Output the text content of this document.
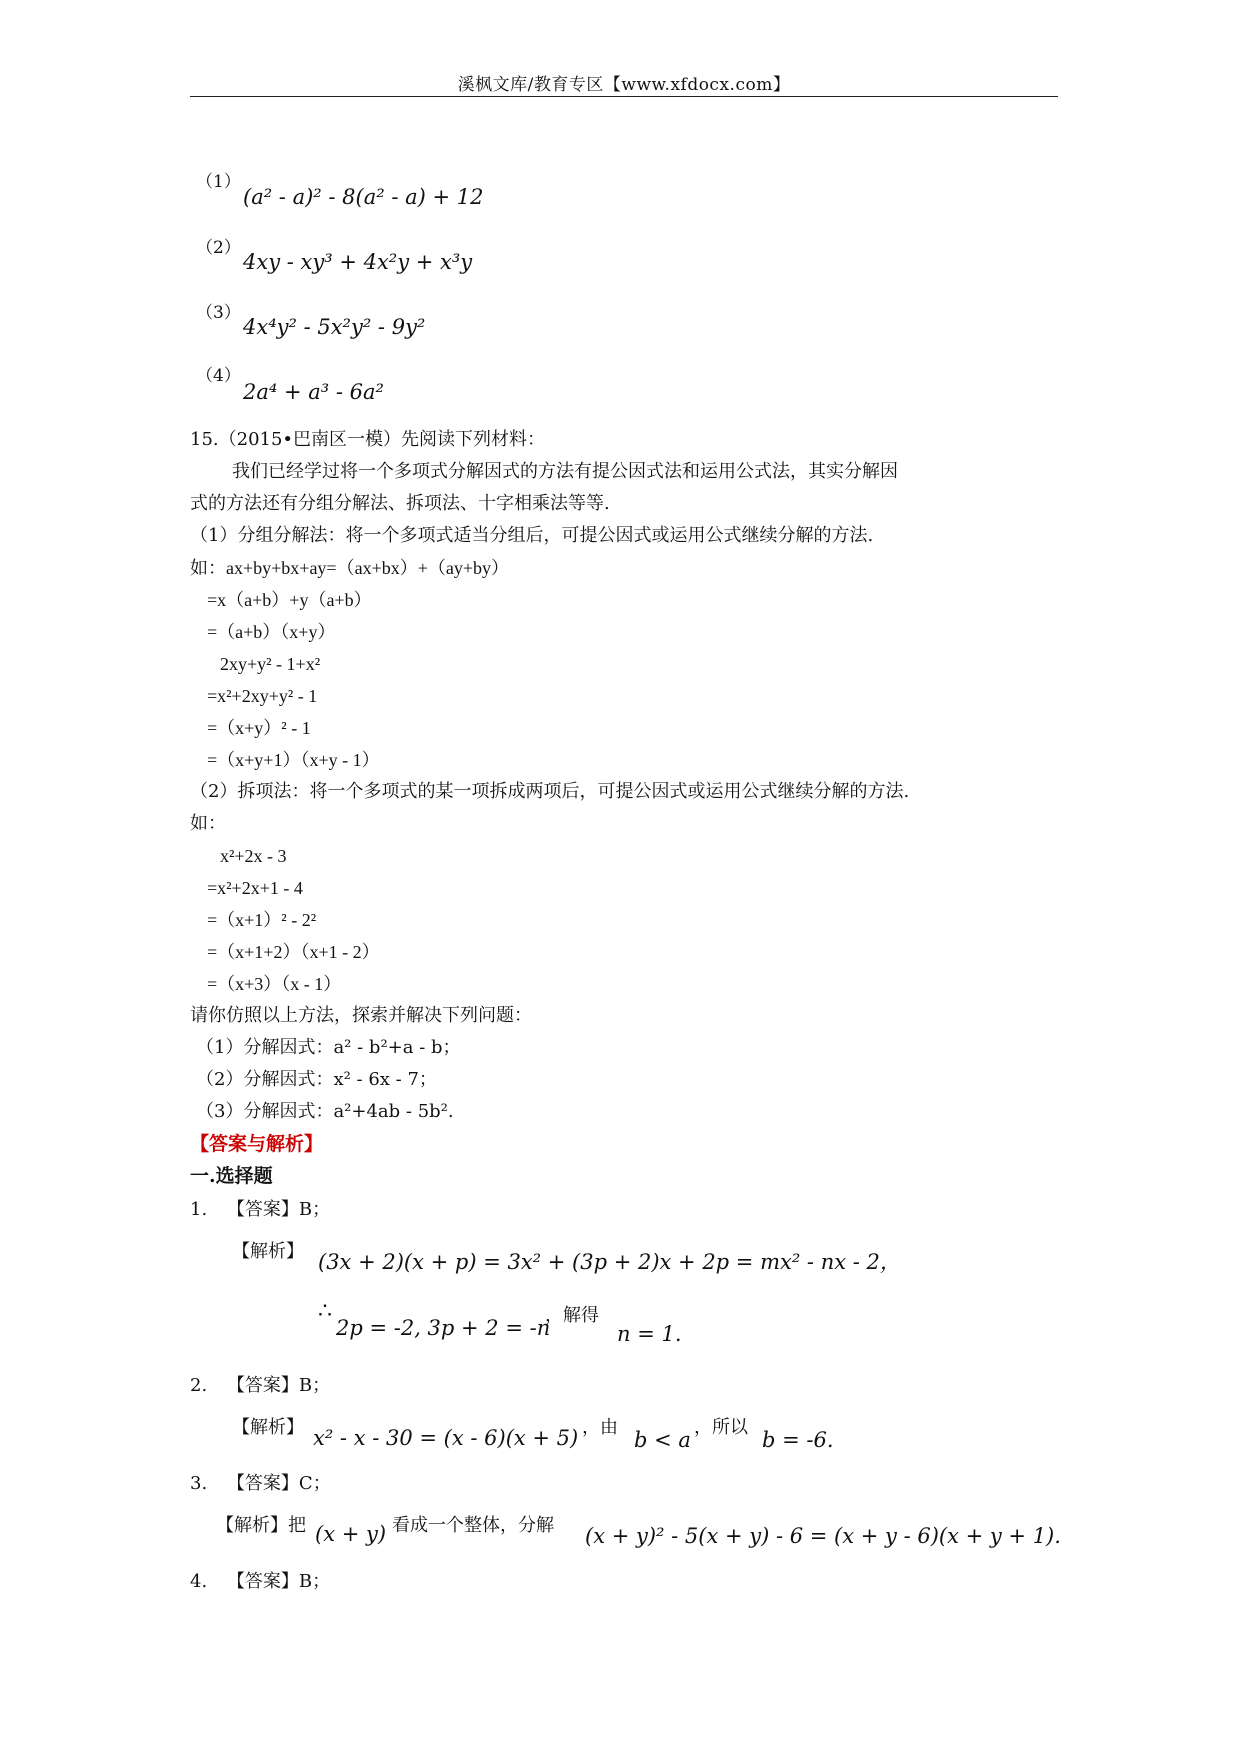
溪枫文库/教育专区【www.xfdocx.com】
（1）
(a² - a)² - 8(a² - a) + 12
（2）
4xy - xy³ + 4x²y + x³y
（3）
4x⁴y² - 5x²y² - 9y²
（4）
2a⁴ + a³ - 6a²
15.（2015•巴南区一模）先阅读下列材料：
我们已经学过将一个多项式分解因式的方法有提公因式法和运用公式法，其实分解因
式的方法还有分组分解法、拆项法、十字相乘法等等.
（1）分组分解法：将一个多项式适当分组后，可提公因式或运用公式继续分解的方法.
如：ax+by+bx+ay=（ax+bx）+（ay+by）
=x（a+b）+y（a+b）
=（a+b）（x+y）
2xy+y² - 1+x²
=x²+2xy+y² - 1
=（x+y）² - 1
=（x+y+1）（x+y - 1）
（2）拆项法：将一个多项式的某一项拆成两项后，可提公因式或运用公式继续分解的方法.
如：
x²+2x - 3
=x²+2x+1 - 4
=（x+1）² - 2²
=（x+1+2）（x+1 - 2）
=（x+3）（x - 1）
请你仿照以上方法，探索并解决下列问题：
（1）分解因式：a² - b²+a - b；
（2）分解因式：x² - 6x - 7；
（3）分解因式：a²+4ab - 5b².
【答案与解析】
一.选择题
1. 【答案】B；
【解析】 (3x + 2)(x + p) = 3x² + (3p + 2)x + 2p = mx² - nx - 2，
∴
2p = -2, 3p + 2 = -n
，解得
n = 1.
2. 【答案】B；
【解析】 x² - x - 30 = (x - 6)(x + 5) ，由
b < a
，所以
b = -6.
3. 【答案】C；
【解析】把 (x + y) 看成一个整体，分解 (x + y)² - 5(x + y) - 6 = (x + y - 6)(x + y + 1).
4. 【答案】B；
